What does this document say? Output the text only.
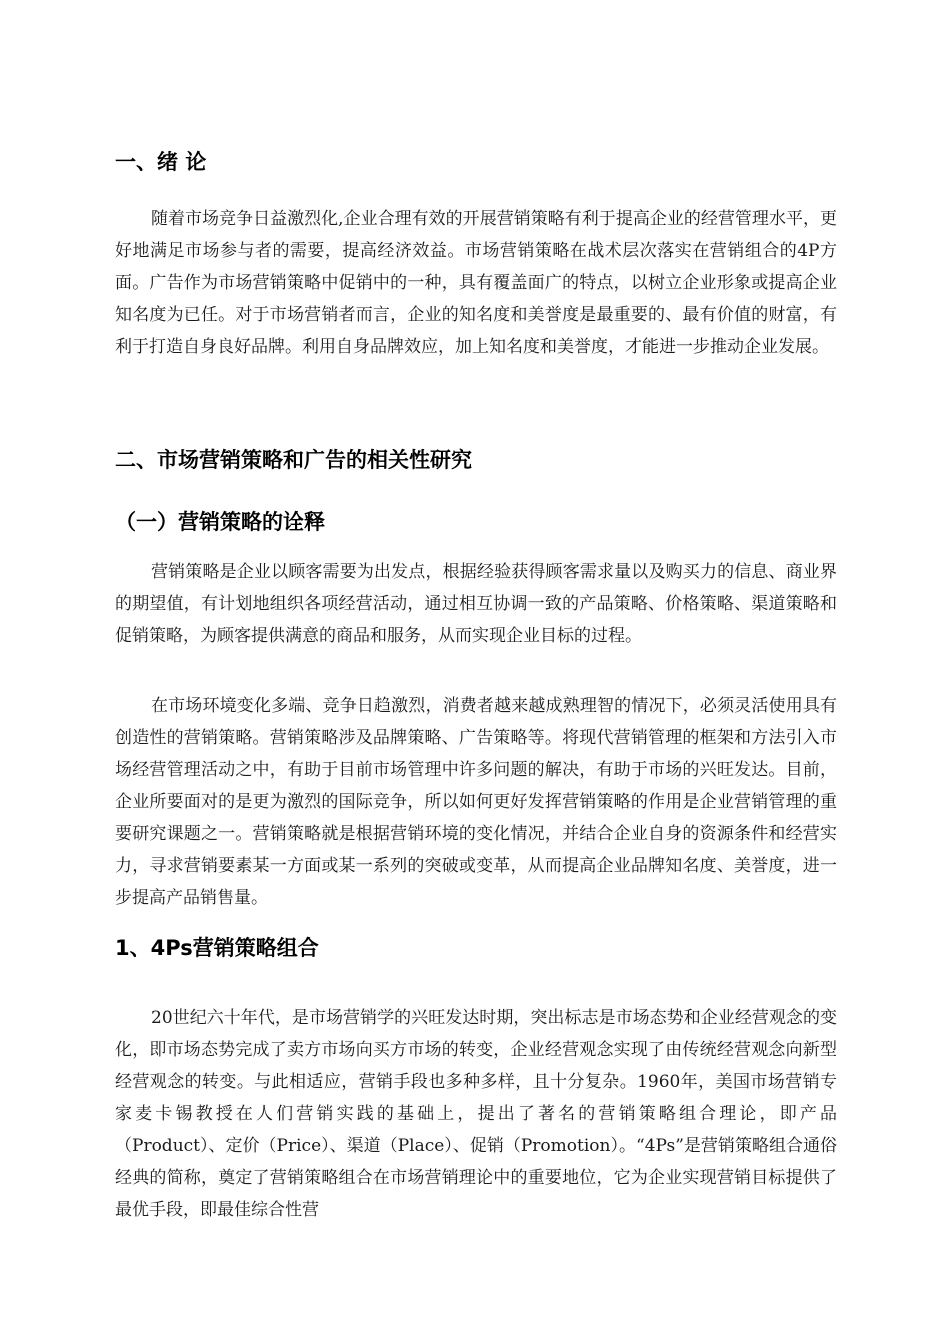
一、绪 论

随着市场竞争日益激烈化,企业合理有效的开展营销策略有利于提高企业的经营管理水平，更好地满足市场参与者的需要，提高经济效益。市场营销策略在战术层次落实在营销组合的4P方面。广告作为市场营销策略中促销中的一种，具有覆盖面广的特点，以树立企业形象或提高企业知名度为已任。对于市场营销者而言，企业的知名度和美誉度是最重要的、最有价值的财富，有利于打造自身良好品牌。利用自身品牌效应，加上知名度和美誉度，才能进一步推动企业发展。

二、市场营销策略和广告的相关性研究
（一）营销策略的诠释

营销策略是企业以顾客需要为出发点，根据经验获得顾客需求量以及购买力的信息、商业界的期望值，有计划地组织各项经营活动，通过相互协调一致的产品策略、价格策略、渠道策略和促销策略，为顾客提供满意的商品和服务，从而实现企业目标的过程。

在市场环境变化多端、竞争日趋激烈，消费者越来越成熟理智的情况下，必须灵活使用具有创造性的营销策略。营销策略涉及品牌策略、广告策略等。将现代营销管理的框架和方法引入市场经营管理活动之中，有助于目前市场管理中许多问题的解决，有助于市场的兴旺发达。目前，企业所要面对的是更为激烈的国际竞争，所以如何更好发挥营销策略的作用是企业营销管理的重要研究课题之一。营销策略就是根据营销环境的变化情况，并结合企业自身的资源条件和经营实力，寻求营销要素某一方面或某一系列的突破或变革，从而提高企业品牌知名度、美誉度，进一步提高产品销售量。

1、4Ps营销策略组合

20世纪六十年代，是市场营销学的兴旺发达时期，突出标志是市场态势和企业经营观念的变化，即市场态势完成了卖方市场向买方市场的转变，企业经营观念实现了由传统经营观念向新型经营观念的转变。与此相适应，营销手段也多种多样，且十分复杂。1960年，美国市场营销专家麦卡锡教授在人们营销实践的基础上，提出了著名的营销策略组合理论，即产品（Product）、定价（Price）、渠道（Place）、促销（Promotion）。“4Ps”是营销策略组合通俗经典的简称，奠定了营销策略组合在市场营销理论中的重要地位，它为企业实现营销目标提供了最优手段，即最佳综合性营
